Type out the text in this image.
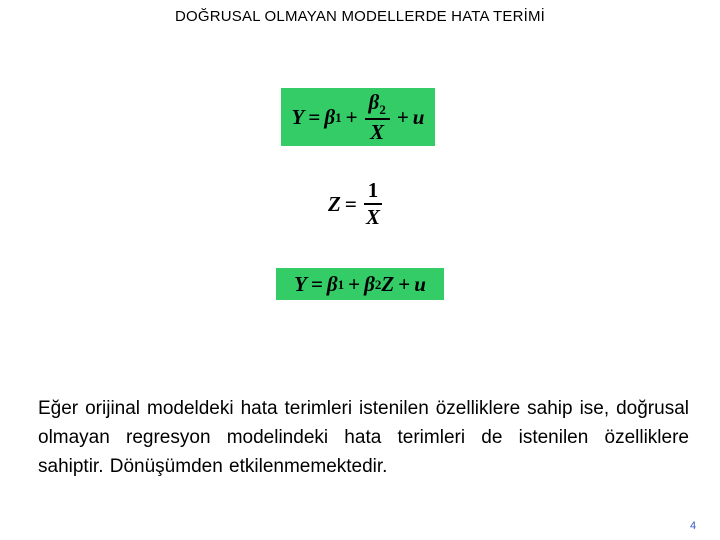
DOĞRUSAL OLMAYAN MODELLERDE HATA TERİMİ
Y = β $1 + \frac{\beta_2}{X} + u$
$Z = \frac{1}{X}$
Y = β 1 + β 2 Z + u
Eğer orijinal modeldeki hata terimleri istenilen özelliklere sahip ise, doğrusal olmayan regresyon modelindeki hata terimleri de istenilen özelliklere sahiptir. Dönüşümden etkilenmemektedir.
4
